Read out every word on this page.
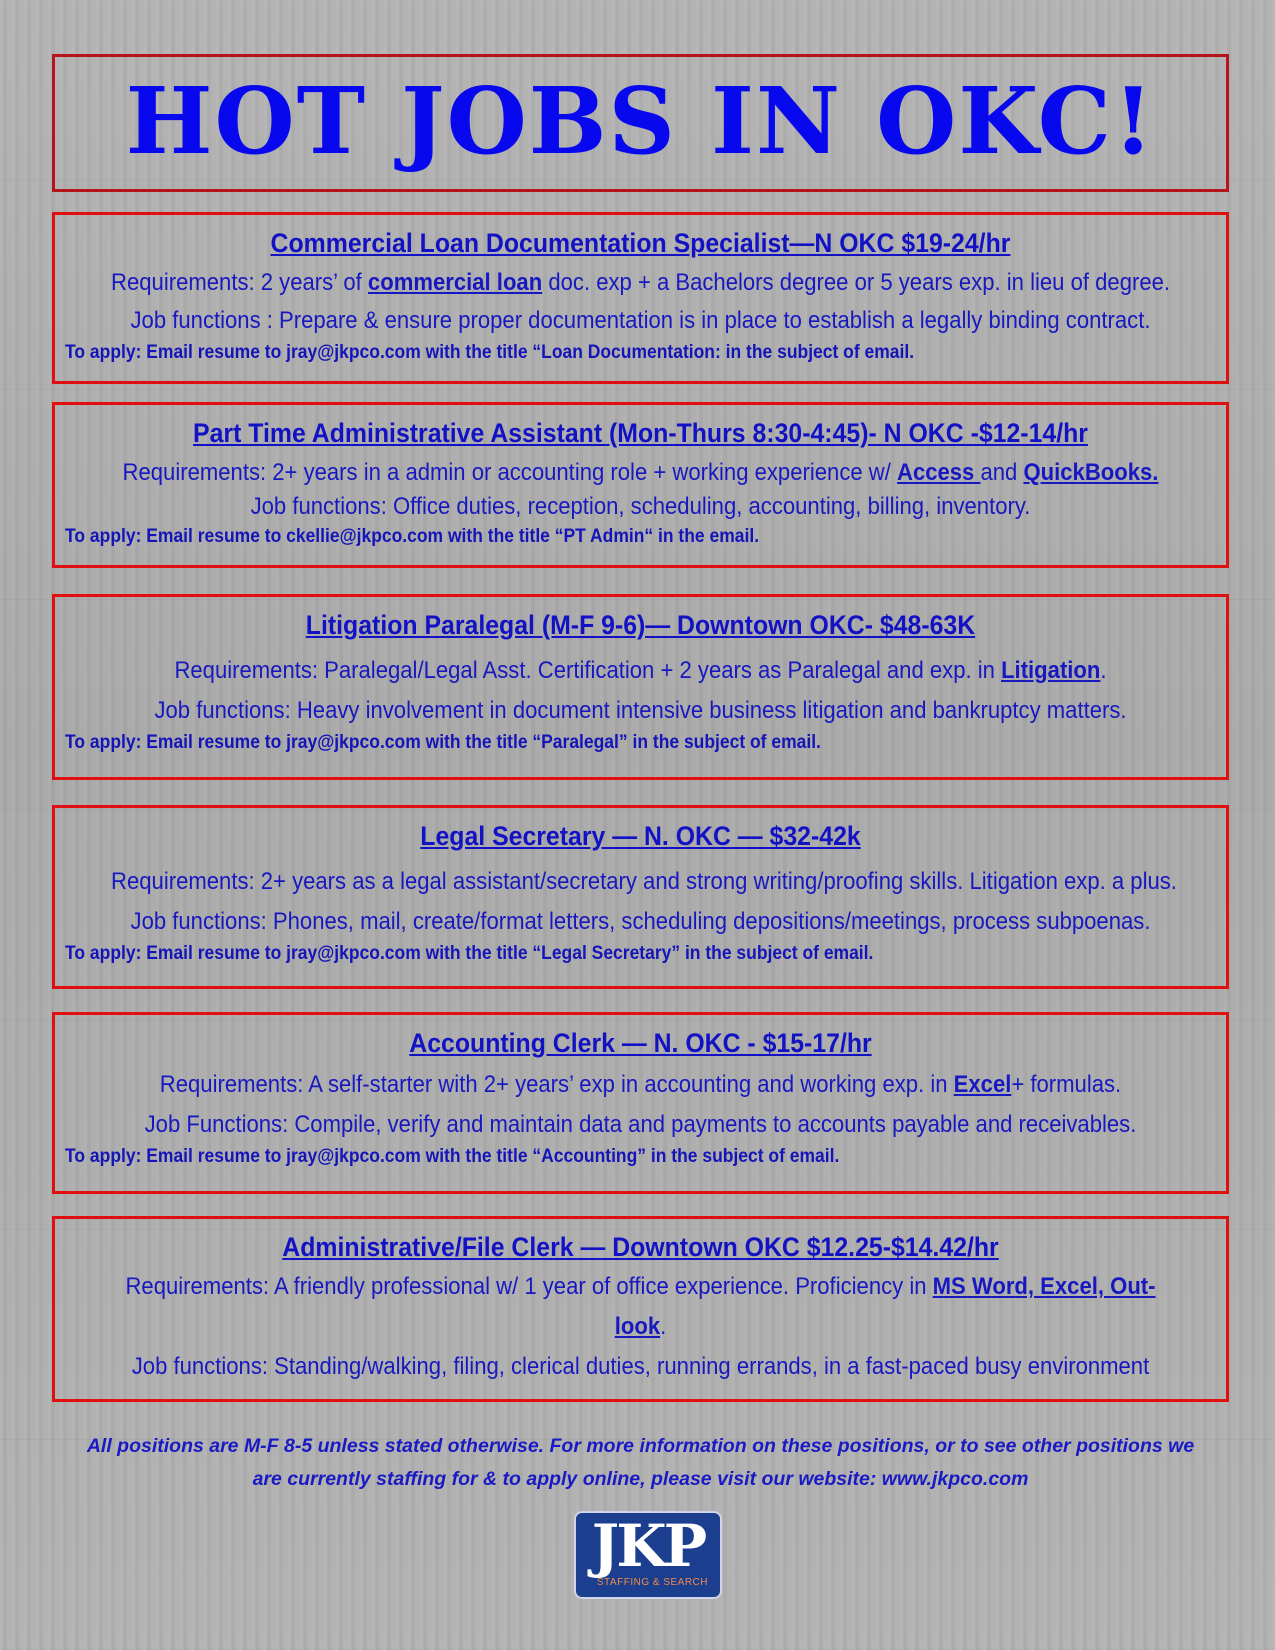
HOT JOBS IN OKC!
Commercial Loan Documentation Specialist—N OKC $19-24/hr
Requirements: 2 years’ of commercial loan doc. exp + a Bachelors degree or 5 years exp. in lieu of degree.
Job functions : Prepare & ensure proper documentation is in place to establish a legally binding contract.
To apply: Email resume to jray@jkpco.com with the title “Loan Documentation: in the subject of email.
Part Time Administrative Assistant (Mon-Thurs 8:30-4:45)- N OKC -$12-14/hr
Requirements: 2+ years in a admin or accounting role + working experience w/ Access and QuickBooks.
Job functions: Office duties, reception, scheduling, accounting, billing, inventory.
To apply: Email resume to ckellie@jkpco.com with the title “PT Admin“ in the email.
Litigation Paralegal (M-F 9-6)— Downtown OKC- $48-63K
Requirements: Paralegal/Legal Asst. Certification + 2 years as Paralegal and exp. in Litigation.
Job functions: Heavy involvement in document intensive business litigation and bankruptcy matters.
To apply: Email resume to jray@jkpco.com with the title “Paralegal” in the subject of email.
Legal Secretary — N. OKC — $32-42k
Requirements: 2+ years as a legal assistant/secretary and strong writing/proofing skills. Litigation exp. a plus.
Job functions: Phones, mail, create/format letters, scheduling depositions/meetings, process subpoenas.
To apply: Email resume to jray@jkpco.com with the title “Legal Secretary” in the subject of email.
Accounting Clerk — N. OKC - $15-17/hr
Requirements: A self-starter with 2+ years’ exp in accounting and working exp. in Excel+ formulas.
Job Functions: Compile, verify and maintain data and payments to accounts payable and receivables.
To apply: Email resume to jray@jkpco.com with the title “Accounting” in the subject of email.
Administrative/File Clerk — Downtown OKC $12.25-$14.42/hr
Requirements: A friendly professional w/ 1 year of office experience. Proficiency in MS Word, Excel, Out-
look.
Job functions: Standing/walking, filing, clerical duties, running errands, in a fast-paced busy environment
All positions are M-F 8-5 unless stated otherwise. For more information on these positions, or to see other positions we
are currently staffing for & to apply online, please visit our website: www.jkpco.com
JKP
STAFFING & SEARCH
